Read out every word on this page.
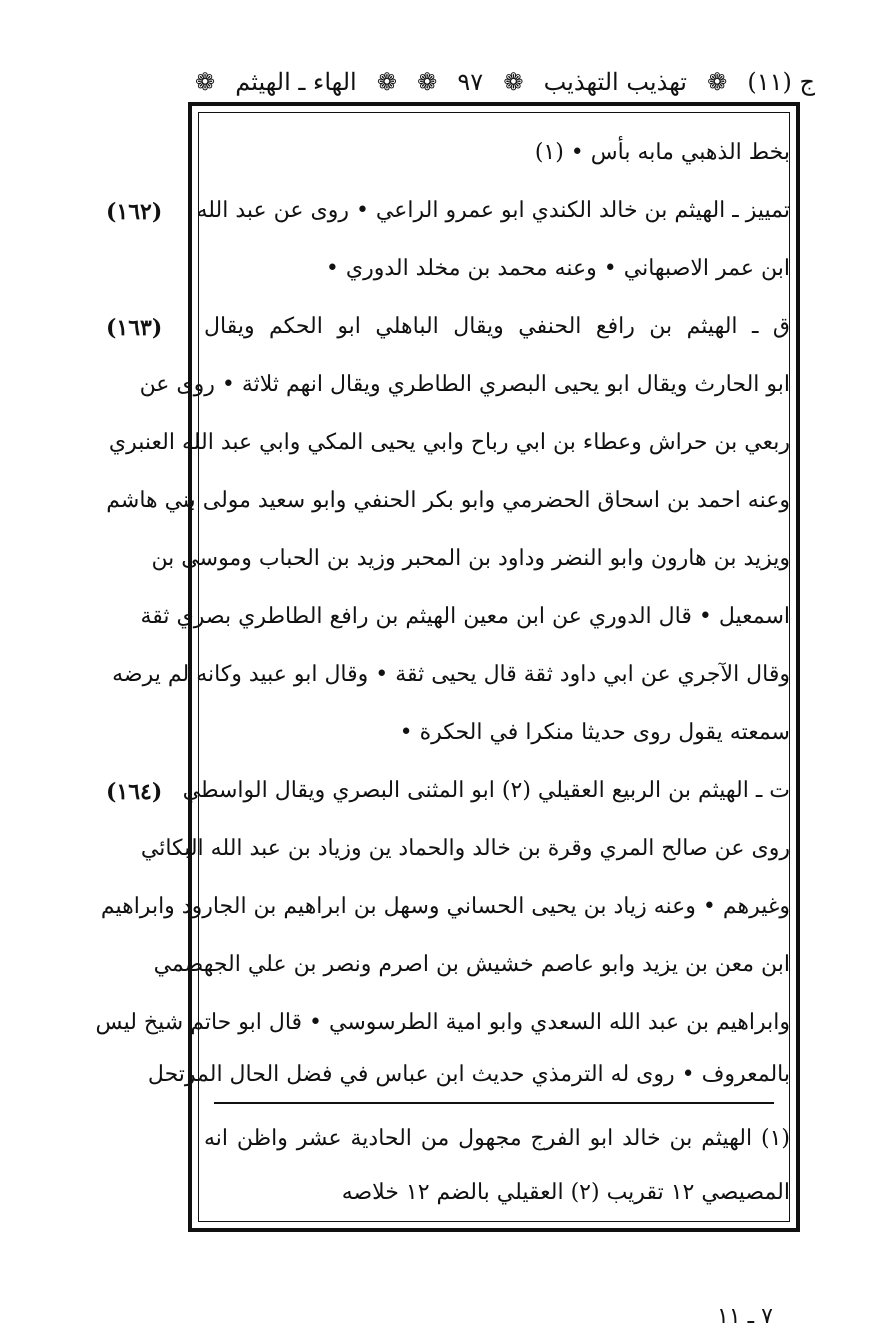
ج (١١)
❁
تهذيب التهذيب
❁
٩٧
❁
❁
الهاء ـ الهيثم
❁
بخط الذهبي مابه بأس • (١)
تمييز ـ الهيثم بن خالد الكندي ابو عمرو الراعي • روى عن عبد الله
ابن عمر الاصبهاني • وعنه محمد بن مخلد الدوري •
ق ـ الهيثم بن رافع الحنفي ويقال الباهلي ابو الحكم ويقال
ابو الحارث ويقال ابو يحيى البصري الطاطري ويقال انهم ثلاثة • روى عن
ربعي بن حراش وعطاء بن ابي رباح وابي يحيى المكي وابي عبد الله العنبري
وعنه احمد بن اسحاق الحضرمي وابو بكر الحنفي وابو سعيد مولى بني هاشم
ويزيد بن هارون وابو النضر وداود بن المحبر وزيد بن الحباب وموسى بن
اسمعيل • قال الدوري عن ابن معين الهيثم بن رافع الطاطري بصري ثقة
وقال الآجري عن ابي داود ثقة قال يحيى ثقة • وقال ابو عبيد وكانه لم يرضه
سمعته يقول روى حديثا منكرا في الحكرة •
ت ـ الهيثم بن الربيع العقيلي (٢) ابو المثنى البصري ويقال الواسطي
روى عن صالح المري وقرة بن خالد والحماد ين وزياد بن عبد الله البكائي
وغيرهم • وعنه زياد بن يحيى الحساني وسهل بن ابراهيم بن الجارود وابراهيم
ابن معن بن يزيد وابو عاصم خشيش بن اصرم ونصر بن علي الجهضمي
وابراهيم بن عبد الله السعدي وابو امية الطرسوسي • قال ابو حاتم شيخ ليس
بالمعروف • روى له الترمذي حديث ابن عباس في فضل الحال المرتحل
(١٦٢)
(١٦٣)
(١٦٤)
(١) الهيثم بن خالد ابو الفرج مجهول من الحادية عشر واظن انه
المصيصي ١٢ تقريب (٢) العقيلي بالضم ١٢ خلاصه
٧ ـ ١١
